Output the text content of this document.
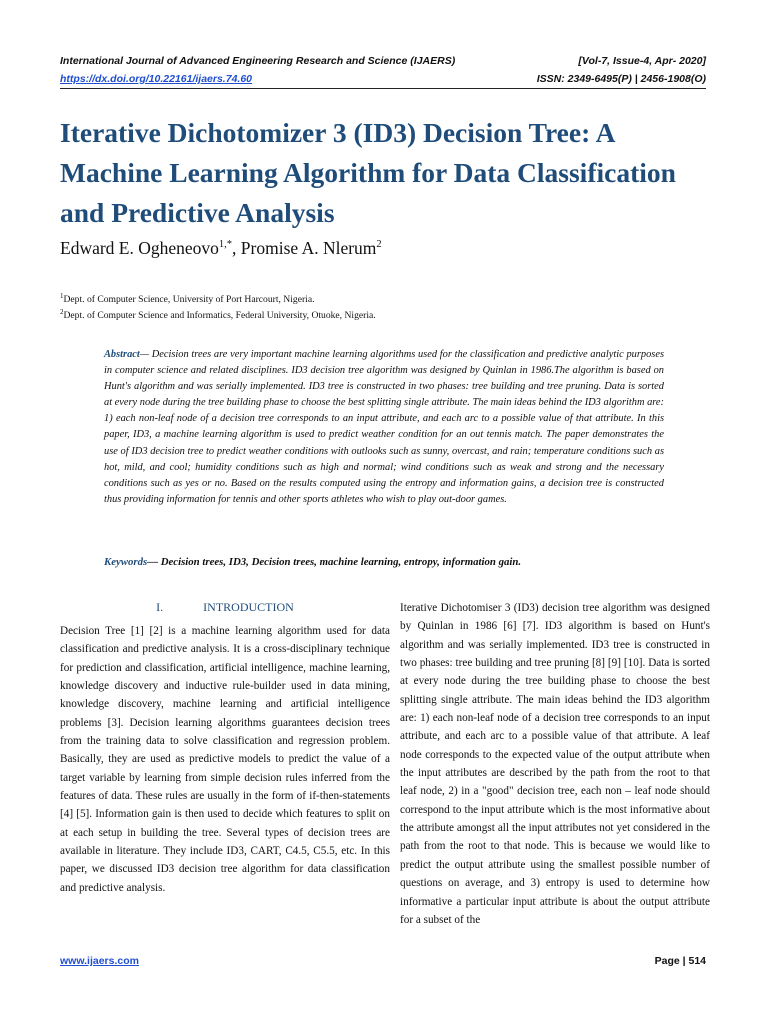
International Journal of Advanced Engineering Research and Science (IJAERS)
https://dx.doi.org/10.22161/ijaers.74.60
[Vol-7, Issue-4, Apr- 2020]
ISSN: 2349-6495(P) | 2456-1908(O)
Iterative Dichotomizer 3 (ID3) Decision Tree: A Machine Learning Algorithm for Data Classification and Predictive Analysis
Edward E. Ogheneovo$^{1,*}$, Promise A. Nlerum$^2$
$^1$Dept. of Computer Science, University of Port Harcourt, Nigeria.
$^2$Dept. of Computer Science and Informatics, Federal University, Otuoke, Nigeria.

Abstract— Decision trees are very important machine learning algorithms used for the classification and predictive analytic purposes in computer science and related disciplines. ID3 decision tree algorithm was designed by Quinlan in 1986.The algorithm is based on Hunt's algorithm and was serially implemented. ID3 tree is constructed in two phases: tree building and tree pruning. Data is sorted at every node during the tree building phase to choose the best splitting single attribute. The main ideas behind the ID3 algorithm are: 1) each non-leaf node of a decision tree corresponds to an input attribute, and each arc to a possible value of that attribute. In this paper, ID3, a machine learning algorithm is used to predict weather condition for an out tennis match. The paper demonstrates the use of ID3 decision tree to predict weather conditions with outlooks such as sunny, overcast, and rain; temperature conditions such as hot, mild, and cool; humidity conditions such as high and normal; wind conditions such as weak and strong and the necessary conditions such as yes or no. Based on the results computed using the entropy and information gains, a decision tree is constructed thus providing information for tennis and other sports athletes who wish to play out-door games.

Keywords— Decision trees, ID3, Decision trees, machine learning, entropy, information gain.
I.	INTRODUCTION

Decision Tree [1] [2] is a machine learning algorithm used for data classification and predictive analysis. It is a cross-disciplinary technique for prediction and classification, artificial intelligence, machine learning, knowledge discovery and inductive rule-builder used in data mining, knowledge discovery, machine learning and artificial intelligence problems [3]. Decision learning algorithms guarantees decision trees from the training data to solve classification and regression problem. Basically, they are used as predictive models to predict the value of a target variable by learning from simple decision rules inferred from the features of data. These rules are usually in the form of if-then-statements [4] [5]. Information gain is then used to decide which features to split on at each setup in building the tree. Several types of decision trees are available in literature. They include ID3, CART, C4.5, C5.5, etc. In this paper, we discussed ID3 decision tree algorithm for data classification and predictive analysis.

Iterative Dichotomiser 3 (ID3) decision tree algorithm was designed by Quinlan in 1986 [6] [7]. ID3 algorithm is based on Hunt's algorithm and was serially implemented. ID3 tree is constructed in two phases: tree building and tree pruning [8] [9] [10]. Data is sorted at every node during the tree building phase to choose the best splitting single attribute. The main ideas behind the ID3 algorithm are: 1) each non-leaf node of a decision tree corresponds to an input attribute, and each arc to a possible value of that attribute. A leaf node corresponds to the expected value of the output attribute when the input attributes are described by the path from the root to that leaf node, 2) in a "good" decision tree, each non – leaf node should correspond to the input attribute which is the most informative about the attribute amongst all the input attributes not yet considered in the path from the root to that node. This is because we would like to predict the output attribute using the smallest possible number of questions on average, and 3) entropy is used to determine how informative a particular input attribute is about the output attribute for a subset of the

www.ijaers.com	Page | 514
